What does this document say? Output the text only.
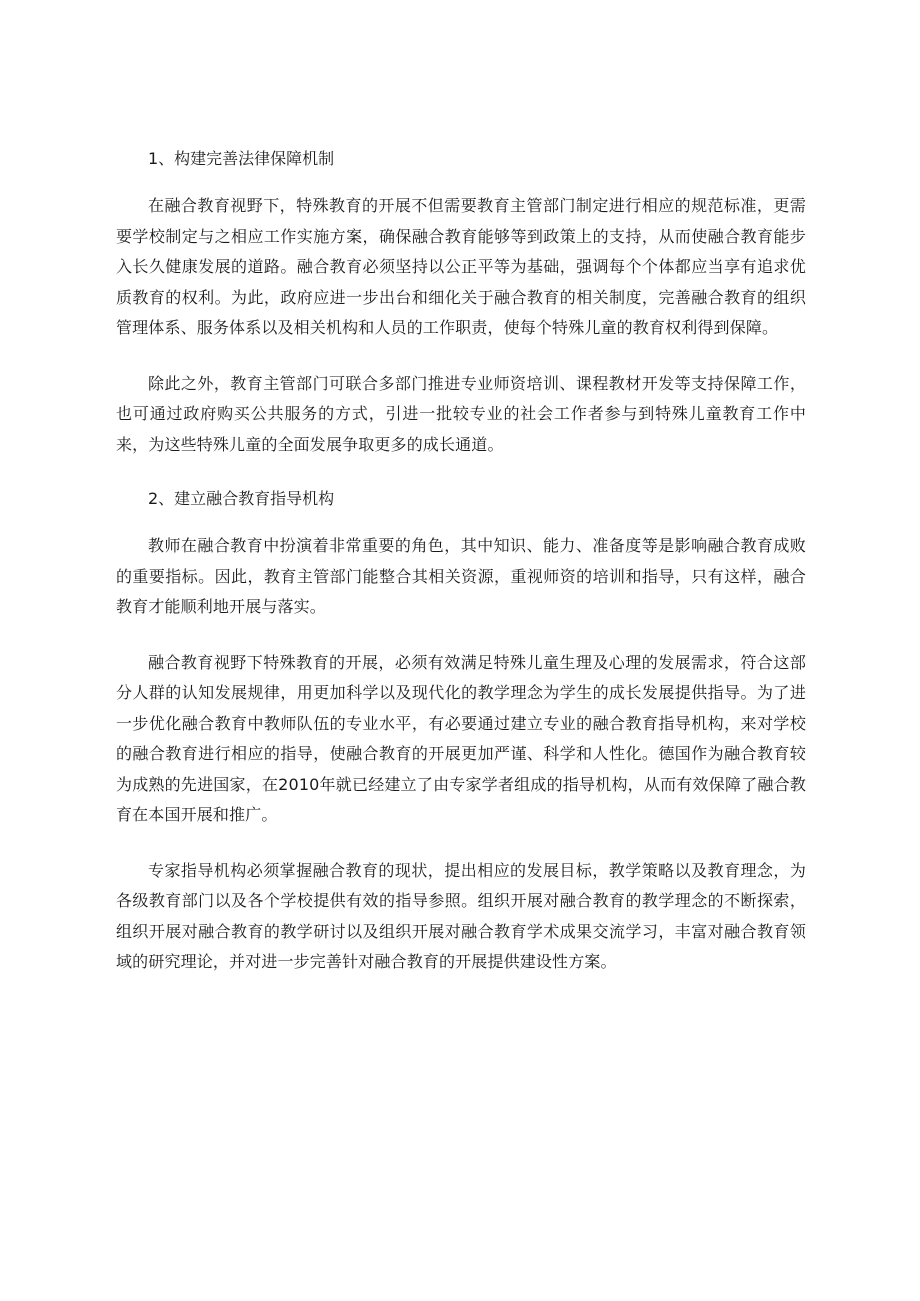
1、构建完善法律保障机制

在融合教育视野下，特殊教育的开展不但需要教育主管部门制定进行相应的规范标准，更需要学校制定与之相应工作实施方案，确保融合教育能够等到政策上的支持，从而使融合教育能步入长久健康发展的道路。融合教育必须坚持以公正平等为基础，强调每个个体都应当享有追求优质教育的权利。为此，政府应进一步出台和细化关于融合教育的相关制度，完善融合教育的组织管理体系、服务体系以及相关机构和人员的工作职责，使每个特殊儿童的教育权利得到保障。

除此之外，教育主管部门可联合多部门推进专业师资培训、课程教材开发等支持保障工作，也可通过政府购买公共服务的方式，引进一批较专业的社会工作者参与到特殊儿童教育工作中来，为这些特殊儿童的全面发展争取更多的成长通道。

2、建立融合教育指导机构

教师在融合教育中扮演着非常重要的角色，其中知识、能力、准备度等是影响融合教育成败的重要指标。因此，教育主管部门能整合其相关资源，重视师资的培训和指导，只有这样，融合教育才能顺利地开展与落实。

融合教育视野下特殊教育的开展，必须有效满足特殊儿童生理及心理的发展需求，符合这部分人群的认知发展规律，用更加科学以及现代化的教学理念为学生的成长发展提供指导。为了进一步优化融合教育中教师队伍的专业水平，有必要通过建立专业的融合教育指导机构，来对学校的融合教育进行相应的指导，使融合教育的开展更加严谨、科学和人性化。德国作为融合教育较为成熟的先进国家，在2010年就已经建立了由专家学者组成的指导机构，从而有效保障了融合教育在本国开展和推广。

专家指导机构必须掌握融合教育的现状，提出相应的发展目标，教学策略以及教育理念，为各级教育部门以及各个学校提供有效的指导参照。组织开展对融合教育的教学理念的不断探索，组织开展对融合教育的教学研讨以及组织开展对融合教育学术成果交流学习，丰富对融合教育领域的研究理论，并对进一步完善针对融合教育的开展提供建设性方案。
